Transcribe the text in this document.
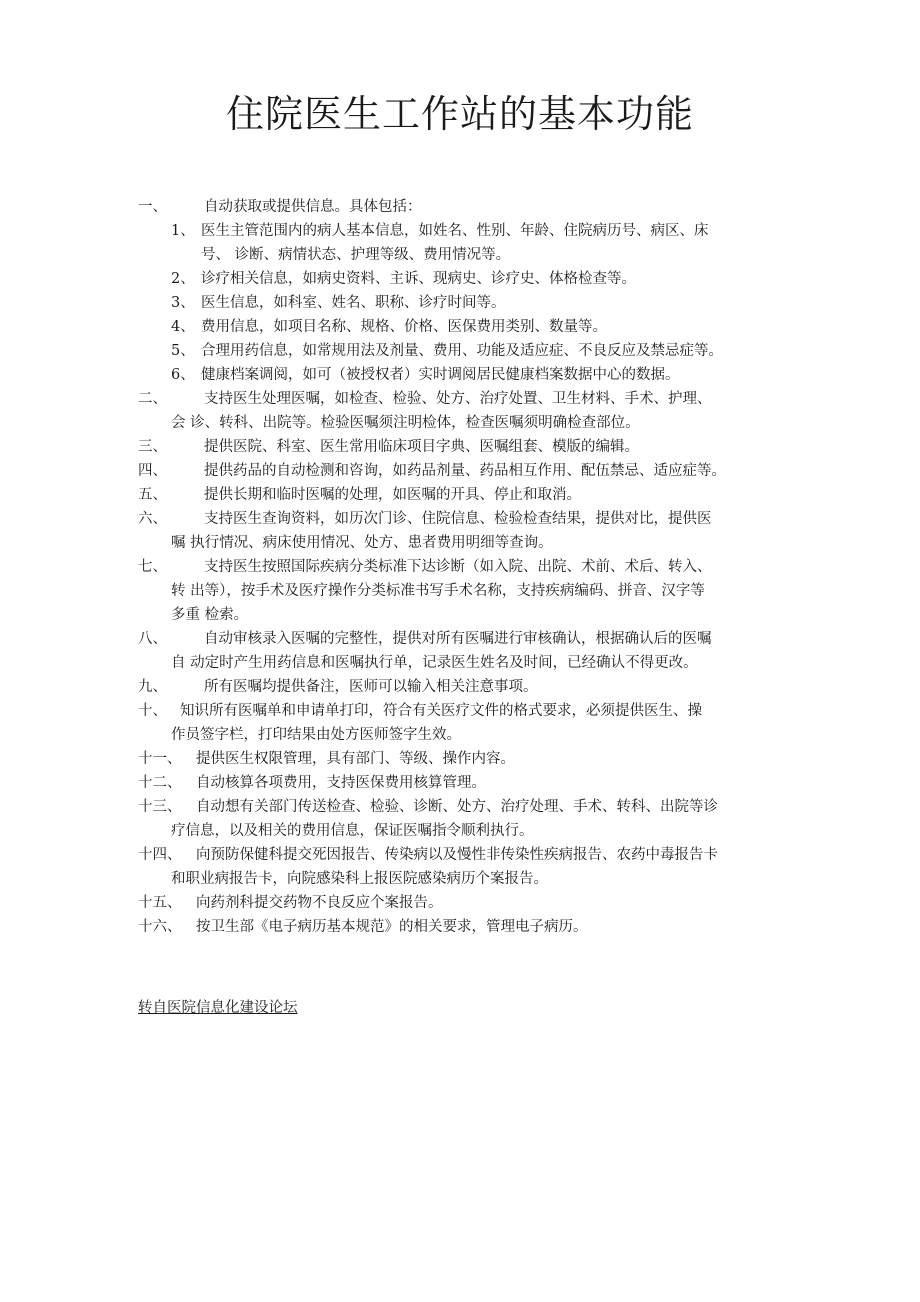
住院医生工作站的基本功能
一、	自动获取或提供信息。具体包括：
1、 医生主管范围内的病人基本信息，如姓名、性别、年龄、住院病历号、病区、床
号、 诊断、病情状态、护理等级、费用情况等。
2、 诊疗相关信息，如病史资料、主诉、现病史、诊疗史、体格检查等。
3、 医生信息，如科室、姓名、职称、诊疗时间等。
4、 费用信息，如项目名称、规格、价格、医保费用类别、数量等。
5、 合理用药信息，如常规用法及剂量、费用、功能及适应症、不良反应及禁忌症等。
6、 健康档案调阅，如可（被授权者）实时调阅居民健康档案数据中心的数据。
二、	支持医生处理医嘱，如检查、检验、处方、治疗处置、卫生材料、手术、护理、
会 诊、转科、出院等。检验医嘱须注明检体，检查医嘱须明确检查部位。
三、	提供医院、科室、医生常用临床项目字典、医嘱组套、模版的编辑。
四、	提供药品的自动检测和咨询，如药品剂量、药品相互作用、配伍禁忌、适应症等。
五、	提供长期和临时医嘱的处理，如医嘱的开具、停止和取消。
六、	支持医生查询资料，如历次门诊、住院信息、检验检查结果，提供对比，提供医
嘱 执行情况、病床使用情况、处方、患者费用明细等查询。
七、	支持医生按照国际疾病分类标准下达诊断（如入院、出院、术前、术后、转入、
转 出等），按手术及医疗操作分类标准书写手术名称，支持疾病编码、拼音、汉字等
多重 检索。
八、	自动审核录入医嘱的完整性，提供对所有医嘱进行审核确认，根据确认后的医嘱
自 动定时产生用药信息和医嘱执行单，记录医生姓名及时间，已经确认不得更改。
九、	所有医嘱均提供备注，医师可以输入相关注意事项。
十、 知识所有医嘱单和申请单打印，符合有关医疗文件的格式要求，必须提供医生、操
作员签字栏，打印结果由处方医师签字生效。
十一、	提供医生权限管理，具有部门、等级、操作内容。
十二、	自动核算各项费用，支持医保费用核算管理。
十三、	自动想有关部门传送检查、检验、诊断、处方、治疗处理、手术、转科、出院等诊
疗信息，以及相关的费用信息，保证医嘱指令顺利执行。
十四、	向预防保健科提交死因报告、传染病以及慢性非传染性疾病报告、农药中毒报告卡
和职业病报告卡，向院感染科上报医院感染病历个案报告。
十五、	向药剂科提交药物不良反应个案报告。
十六、	按卫生部《电子病历基本规范》的相关要求，管理电子病历。
转自医院信息化建设论坛
